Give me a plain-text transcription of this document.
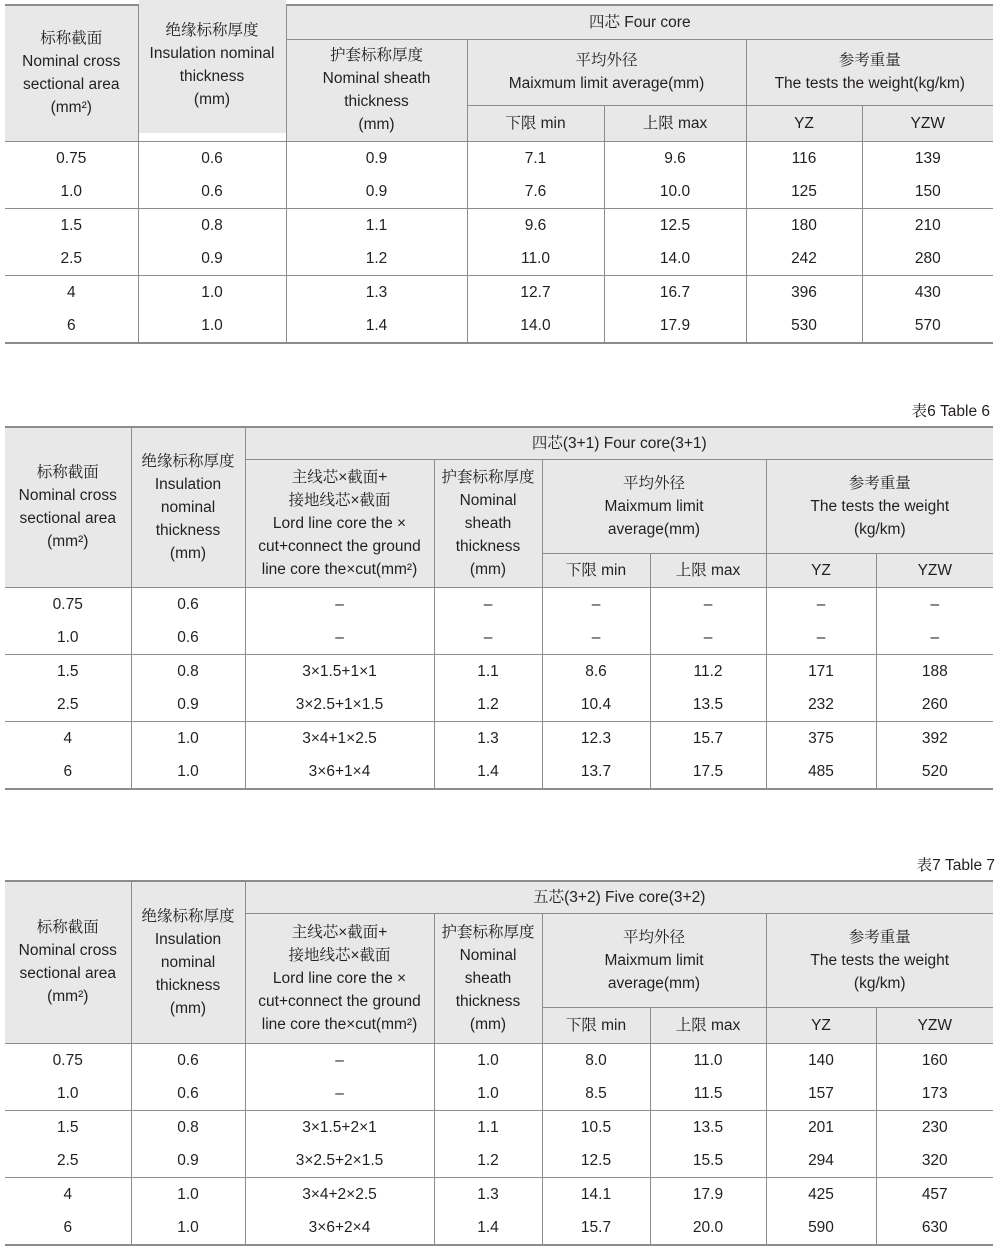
标称截面
Nominal cross
sectional area
(mm²)	绝缘标称厚度
Insulation nominal
thickness
(mm)	四芯 Four core				

		护套标称厚度
Nominal sheath
thickness
(mm)	平均外径
Maixmum limit average(mm)		参考重量
The tests the weight(kg/km)	

			下限 min	上限 max	YZ	YZW
0.75	0.6	0.9	7.1	9.6	116	139
1.0	0.6	0.9	7.6	10.0	125	150
1.5	0.8	1.1	9.6	12.5	180	210
2.5	0.9	1.2	11.0	14.0	242	280
4	1.0	1.3	12.7	16.7	396	430
6	1.0	1.4	14.0	17.9	530	570
表6 Table 6
标称截面
Nominal cross
sectional area
(mm²)	绝缘标称厚度
Insulation
nominal
thickness
(mm)	四芯(3+1) Four core(3+1)					

		主线芯×截面+
接地线芯×截面
Lord line core the ×
cut+connect the ground
line core the×cut(mm²)	护套标称厚度
Nominal
sheath
thickness
(mm)	平均外径
Maixmum limit
average(mm)		参考重量
The tests the weight
(kg/km)	

				下限 min	上限 max	YZ	YZW
0.75	0.6	–	–	–	–	–	–
1.0	0.6	–	–	–	–	–	–
1.5	0.8	3×1.5+1×1	1.1	8.6	11.2	171	188
2.5	0.9	3×2.5+1×1.5	1.2	10.4	13.5	232	260
4	1.0	3×4+1×2.5	1.3	12.3	15.7	375	392
6	1.0	3×6+1×4	1.4	13.7	17.5	485	520
表7 Table 7
标称截面
Nominal cross
sectional area
(mm²)	绝缘标称厚度
Insulation
nominal
thickness
(mm)	五芯(3+2) Five core(3+2)					

		主线芯×截面+
接地线芯×截面
Lord line core the ×
cut+connect the ground
line core the×cut(mm²)	护套标称厚度
Nominal
sheath
thickness
(mm)	平均外径
Maixmum limit
average(mm)		参考重量
The tests the weight
(kg/km)	

				下限 min	上限 max	YZ	YZW
0.75	0.6	–	1.0	8.0	11.0	140	160
1.0	0.6	–	1.0	8.5	11.5	157	173
1.5	0.8	3×1.5+2×1	1.1	10.5	13.5	201	230
2.5	0.9	3×2.5+2×1.5	1.2	12.5	15.5	294	320
4	1.0	3×4+2×2.5	1.3	14.1	17.9	425	457
6	1.0	3×6+2×4	1.4	15.7	20.0	590	630
